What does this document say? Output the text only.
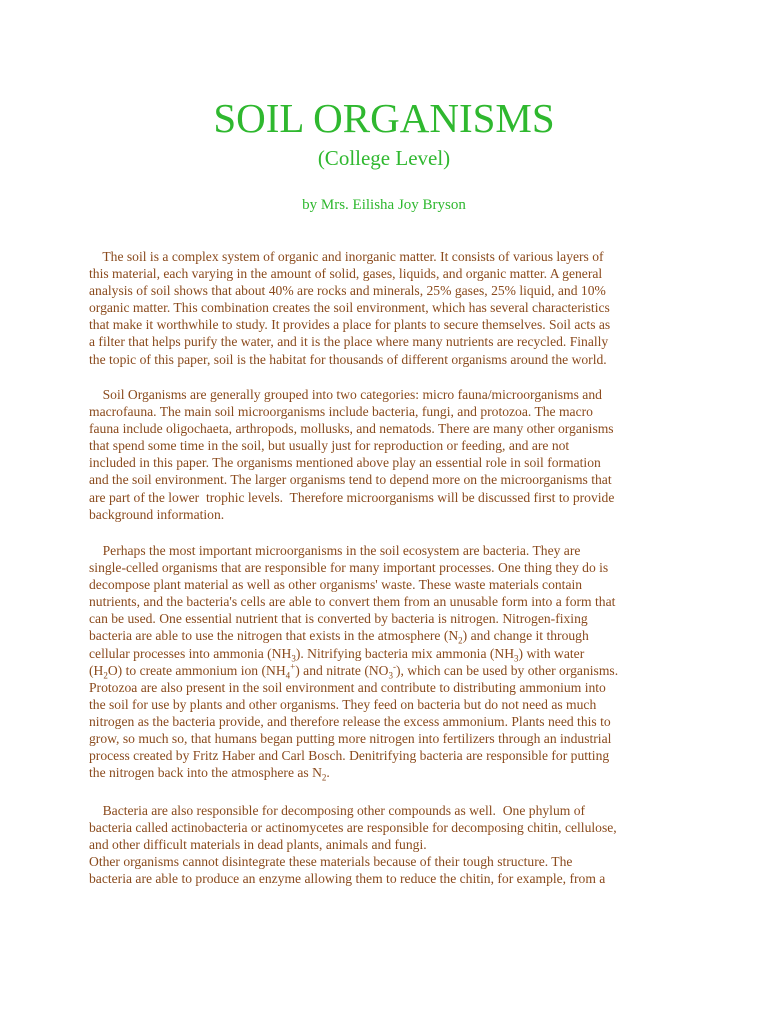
SOIL ORGANISMS
(College Level)
by Mrs. Eilisha Joy Bryson
The soil is a complex system of organic and inorganic matter. It consists of various layers of
this material, each varying in the amount of solid, gases, liquids, and organic matter. A general
analysis of soil shows that about 40% are rocks and minerals, 25% gases, 25% liquid, and 10%
organic matter. This combination creates the soil environment, which has several characteristics
that make it worthwhile to study. It provides a place for plants to secure themselves. Soil acts as
a filter that helps purify the water, and it is the place where many nutrients are recycled. Finally
the topic of this paper, soil is the habitat for thousands of different organisms around the world.
Soil Organisms are generally grouped into two categories: micro fauna/microorganisms and
macrofauna. The main soil microorganisms include bacteria, fungi, and protozoa. The macro
fauna include oligochaeta, arthropods, mollusks, and nematods. There are many other organisms
that spend some time in the soil, but usually just for reproduction or feeding, and are not
included in this paper. The organisms mentioned above play an essential role in soil formation
and the soil environment. The larger organisms tend to depend more on the microorganisms that
are part of the lower  trophic levels.  Therefore microorganisms will be discussed first to provide
background information.
Perhaps the most important microorganisms in the soil ecosystem are bacteria. They are
single-celled organisms that are responsible for many important processes. One thing they do is
decompose plant material as well as other organisms' waste. These waste materials contain
nutrients, and the bacteria's cells are able to convert them from an unusable form into a form that
can be used. One essential nutrient that is converted by bacteria is nitrogen. Nitrogen-fixing
bacteria are able to use the nitrogen that exists in the atmosphere $(N_2)$ and change it through
cellular processes into ammonia $(NH_3)$. Nitrifying bacteria mix ammonia $(NH_3)$ with water
$(H_2O)$ to create ammonium ion $(NH_4^+)$ and nitrate $(NO_3^-)$, which can be used by other organisms.
Protozoa are also present in the soil environment and contribute to distributing ammonium into
the soil for use by plants and other organisms. They feed on bacteria but do not need as much
nitrogen as the bacteria provide, and therefore release the excess ammonium. Plants need this to
grow, so much so, that humans began putting more nitrogen into fertilizers through an industrial
process created by Fritz Haber and Carl Bosch. Denitrifying bacteria are responsible for putting
the nitrogen back into the atmosphere as $N_2$.
Bacteria are also responsible for decomposing other compounds as well.  One phylum of
bacteria called actinobacteria or actinomycetes are responsible for decomposing chitin, cellulose,
and other difficult materials in dead plants, animals and fungi.
Other organisms cannot disintegrate these materials because of their tough structure. The
bacteria are able to produce an enzyme allowing them to reduce the chitin, for example, from a
